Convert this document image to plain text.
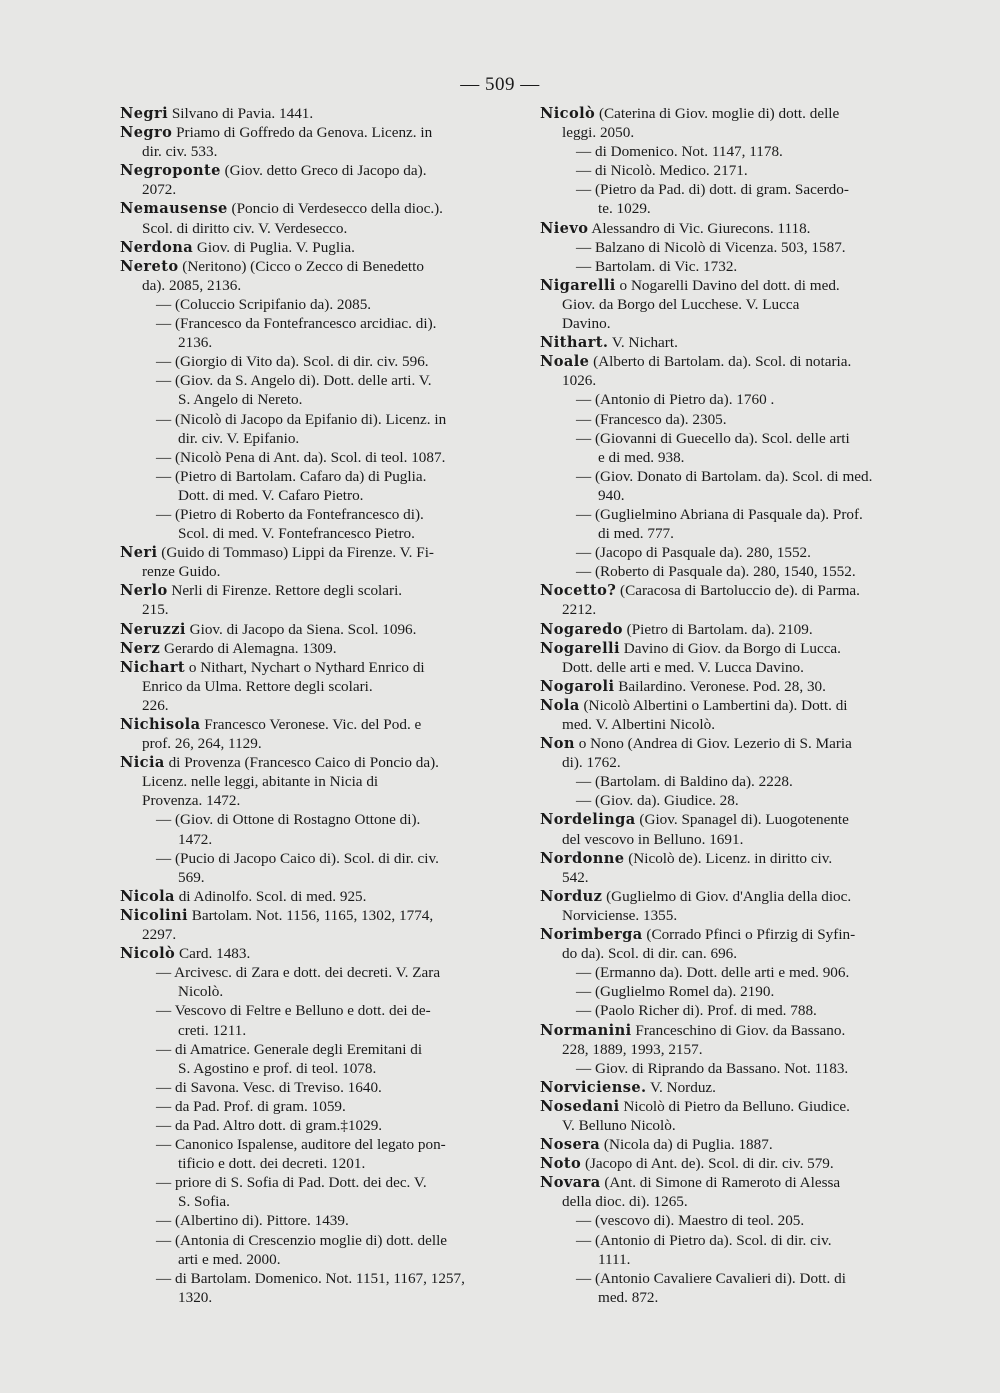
— 509 —
Negri Silvano di Pavia. 1441.
Negro Priamo di Goffredo da Genova. Licenz. in
dir. civ. 533.
Negroponte (Giov. detto Greco di Jacopo da).
2072.
Nemausense (Poncio di Verdesecco della dioc.).
Scol. di diritto civ. V. Verdesecco.
Nerdona Giov. di Puglia. V. Puglia.
Nereto (Neritono) (Cicco o Zecco di Benedetto
da). 2085, 2136.
— (Coluccio Scripifanio da). 2085.
— (Francesco da Fontefrancesco arcidiac. di).
2136.
— (Giorgio di Vito da). Scol. di dir. civ. 596.
— (Giov. da S. Angelo di). Dott. delle arti. V.
S. Angelo di Nereto.
— (Nicolò di Jacopo da Epifanio di). Licenz. in
dir. civ. V. Epifanio.
— (Nicolò Pena di Ant. da). Scol. di teol. 1087.
— (Pietro di Bartolam. Cafaro da) di Puglia.
Dott. di med. V. Cafaro Pietro.
— (Pietro di Roberto da Fontefrancesco di).
Scol. di med. V. Fontefrancesco Pietro.
Neri (Guido di Tommaso) Lippi da Firenze. V. Fi-
renze Guido.
Nerlo Nerli di Firenze. Rettore degli scolari.
215.
Neruzzi Giov. di Jacopo da Siena. Scol. 1096.
Nerz Gerardo di Alemagna. 1309.
Nichart o Nithart, Nychart o Nythard Enrico di
Enrico da Ulma. Rettore degli scolari.
226.
Nichisola Francesco Veronese. Vic. del Pod. e
prof. 26, 264, 1129.
Nicia di Provenza (Francesco Caico di Poncio da).
Licenz. nelle leggi, abitante in Nicia di
Provenza. 1472.
— (Giov. di Ottone di Rostagno Ottone di).
1472.
— (Pucio di Jacopo Caico di). Scol. di dir. civ.
569.
Nicola di Adinolfo. Scol. di med. 925.
Nicolini Bartolam. Not. 1156, 1165, 1302, 1774,
2297.
Nicolò Card. 1483.
— Arcivesc. di Zara e dott. dei decreti. V. Zara
Nicolò.
— Vescovo di Feltre e Belluno e dott. dei de-
creti. 1211.
— di Amatrice. Generale degli Eremitani di
S. Agostino e prof. di teol. 1078.
— di Savona. Vesc. di Treviso. 1640.
— da Pad. Prof. di gram. 1059.
— da Pad. Altro dott. di gram.‡1029.
— Canonico Ispalense, auditore del legato pon-
tificio e dott. dei decreti. 1201.
— priore di S. Sofia di Pad. Dott. dei dec. V.
S. Sofia.
— (Albertino di). Pittore. 1439.
— (Antonia di Crescenzio moglie di) dott. delle
arti e med. 2000.
— di Bartolam. Domenico. Not. 1151, 1167, 1257,
1320.
Nicolò (Caterina di Giov. moglie di) dott. delle
leggi. 2050.
— di Domenico. Not. 1147, 1178.
— di Nicolò. Medico. 2171.
— (Pietro da Pad. di) dott. di gram. Sacerdo-
te. 1029.
Nievo Alessandro di Vic. Giurecons. 1118.
— Balzano di Nicolò di Vicenza. 503, 1587.
— Bartolam. di Vic. 1732.
Nigarelli o Nogarelli Davino del dott. di med.
Giov. da Borgo del Lucchese. V. Lucca
Davino.
Nithart. V. Nichart.
Noale (Alberto di Bartolam. da). Scol. di notaria.
1026.
— (Antonio di Pietro da). 1760 .
— (Francesco da). 2305.
— (Giovanni di Guecello da). Scol. delle arti
e di med. 938.
— (Giov. Donato di Bartolam. da). Scol. di med.
940.
— (Guglielmino Abriana di Pasquale da). Prof.
di med. 777.
— (Jacopo di Pasquale da). 280, 1552.
— (Roberto di Pasquale da). 280, 1540, 1552.
Nocetto? (Caracosa di Bartoluccio de). di Parma.
2212.
Nogaredo (Pietro di Bartolam. da). 2109.
Nogarelli Davino di Giov. da Borgo di Lucca.
Dott. delle arti e med. V. Lucca Davino.
Nogaroli Bailardino. Veronese. Pod. 28, 30.
Nola (Nicolò Albertini o Lambertini da). Dott. di
med. V. Albertini Nicolò.
Non o Nono (Andrea di Giov. Lezerio di S. Maria
di). 1762.
— (Bartolam. di Baldino da). 2228.
— (Giov. da). Giudice. 28.
Nordelinga (Giov. Spanagel di). Luogotenente
del vescovo in Belluno. 1691.
Nordonne (Nicolò de). Licenz. in diritto civ.
542.
Norduz (Guglielmo di Giov. d'Anglia della dioc.
Norviciense. 1355.
Norimberga (Corrado Pfinci o Pfirzig di Syfin-
do da). Scol. di dir. can. 696.
— (Ermanno da). Dott. delle arti e med. 906.
— (Guglielmo Romel da). 2190.
— (Paolo Richer di). Prof. di med. 788.
Normanini Franceschino di Giov. da Bassano.
228, 1889, 1993, 2157.
— Giov. di Riprando da Bassano. Not. 1183.
Norviciense. V. Norduz.
Nosedani Nicolò di Pietro da Belluno. Giudice.
V. Belluno Nicolò.
Nosera (Nicola da) di Puglia. 1887.
Noto (Jacopo di Ant. de). Scol. di dir. civ. 579.
Novara (Ant. di Simone di Rameroto di Alessa
della dioc. di). 1265.
— (vescovo di). Maestro di teol. 205.
— (Antonio di Pietro da). Scol. di dir. civ.
1111.
— (Antonio Cavaliere Cavalieri di). Dott. di
med. 872.
